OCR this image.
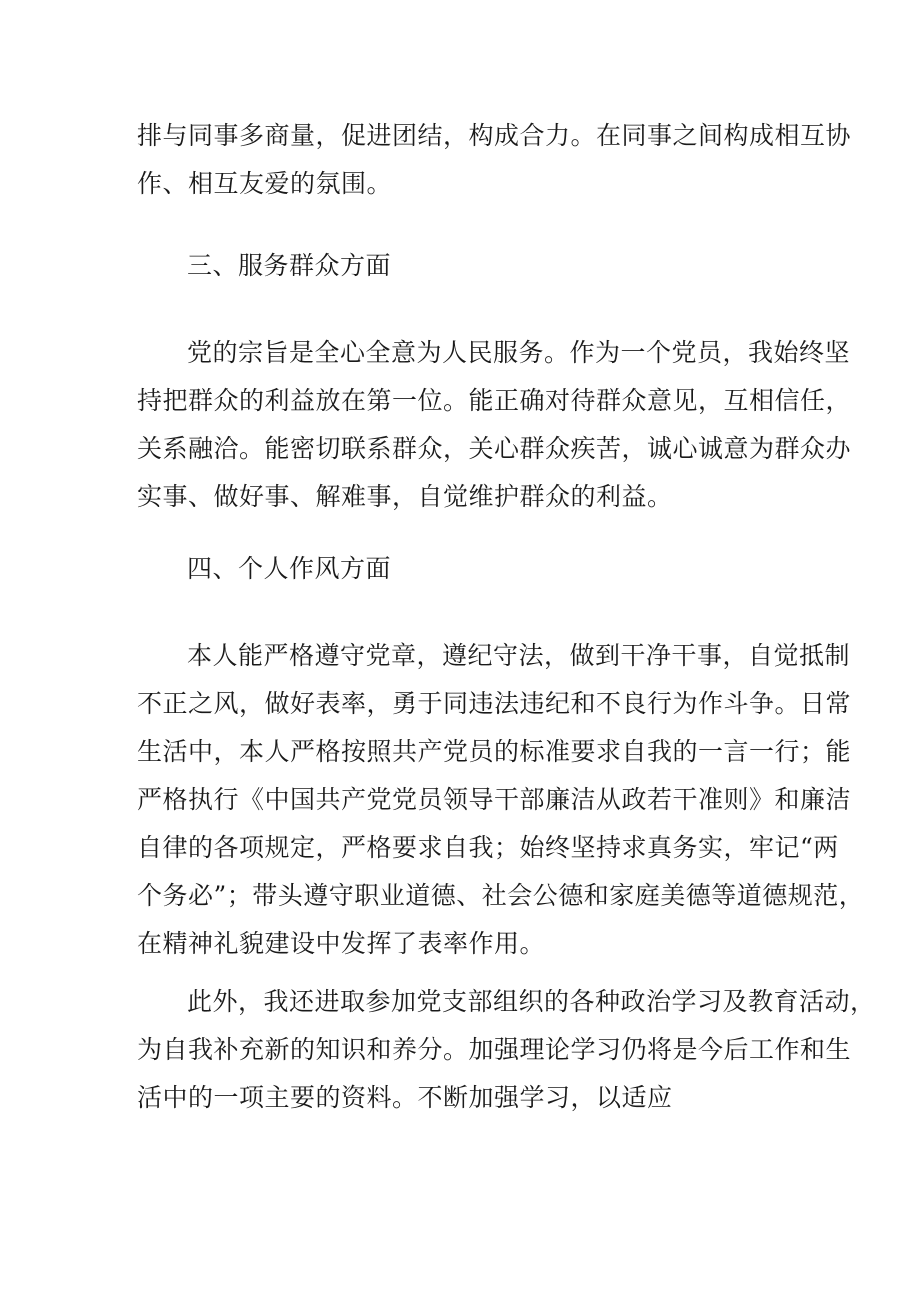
排与同事多商量，促进团结，构成合力。在同事之间构成相互协
作、相互友爱的氛围。
三、服务群众方面
党的宗旨是全心全意为人民服务。作为一个党员，我始终坚
持把群众的利益放在第一位。能正确对待群众意见，互相信任，
关系融洽。能密切联系群众，关心群众疾苦，诚心诚意为群众办
实事、做好事、解难事，自觉维护群众的利益。
四、个人作风方面
本人能严格遵守党章，遵纪守法，做到干净干事，自觉抵制
不正之风，做好表率，勇于同违法违纪和不良行为作斗争。日常
生活中，本人严格按照共产党员的标准要求自我的一言一行；能
严格执行《中国共产党党员领导干部廉洁从政若干准则》和廉洁
自律的各项规定，严格要求自我；始终坚持求真务实，牢记“两
个务必”；带头遵守职业道德、社会公德和家庭美德等道德规范，
在精神礼貌建设中发挥了表率作用。
此外，我还进取参加党支部组织的各种政治学习及教育活动，
为自我补充新的知识和养分。加强理论学习仍将是今后工作和生
活中的一项主要的资料。不断加强学习，以适应
